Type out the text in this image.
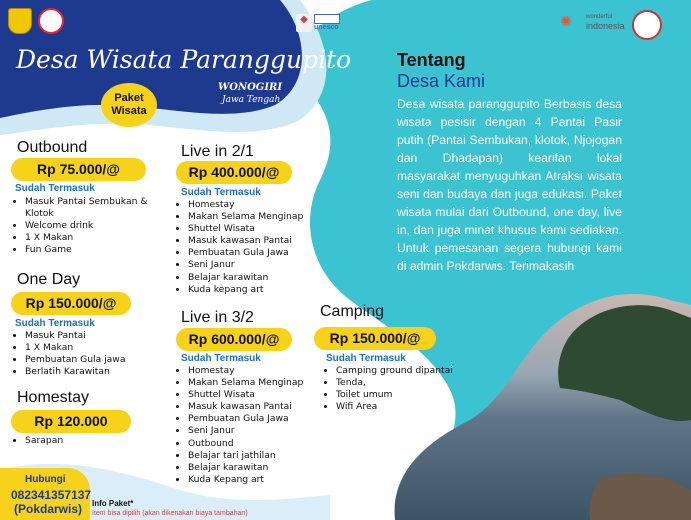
◆
unesco	✺ wonderful
indonesia
Desa Wisata Paranggupito
WONOGIRI
Jawa Tengah
Paket
Wisata
Outbound
Rp 75.000/@
Sudah Termasuk
• Masuk Pantai Sembukan &
Klotok
• Welcome drink
• 1 X Makan
• Fun Game
One Day
Rp 150.000/@
Sudah Termasuk
• Masuk Pantai
• 1 X Makan
• Pembuatan Gula jawa
• Berlatih Karawitan
Homestay
Rp 120.000
• Sarapan
Hubungi
082341357137
(Pokdarwis) Info Paket*
Item bisa dipilih (akan dikenakan biaya tambahan)
Live in 2/1
Rp 400.000/@
Sudah Termasuk
• Homestay
• Makan Selama Menginap
• Shuttel Wisata
• Masuk kawasan Pantai
• Pembuatan Gula Jawa
• Seni Janur
• Belajar karawitan
• Kuda kepang art
Live in 3/2
Rp 600.000/@
Sudah Termasuk
• Homestay
• Makan Selama Menginap
• Shuttel Wisata
• Masuk kawasan Pantai
• Pembuatan Gula Jawa
• Seni Janur
• Outbound
• Belajar tari jathilan
• Belajar karawitan
• Kuda Kepang art
Camping
Rp 150.000/@
Sudah Termasuk
• Camping ground dipantai
• Tenda,
• Toilet umum
• Wifi Area
Tentang
Desa Kami
Desa wisata paranggupito Berbasis desa wisata pesisir dengan 4 Pantai Pasir putih (Pantai Sembukan, klotok, Njojogan dan Dhadapan) kearifan lokal masyarakat menyuguhkan Atraksi wisata seni dan budaya dan juga edukasi. Paket wisata mulai dari Outbound, one day, live in, dan juga minat khusus kami sediakan. Untuk pemesanan segera hubungi kami di admin Pokdarwis. Terimakasih
